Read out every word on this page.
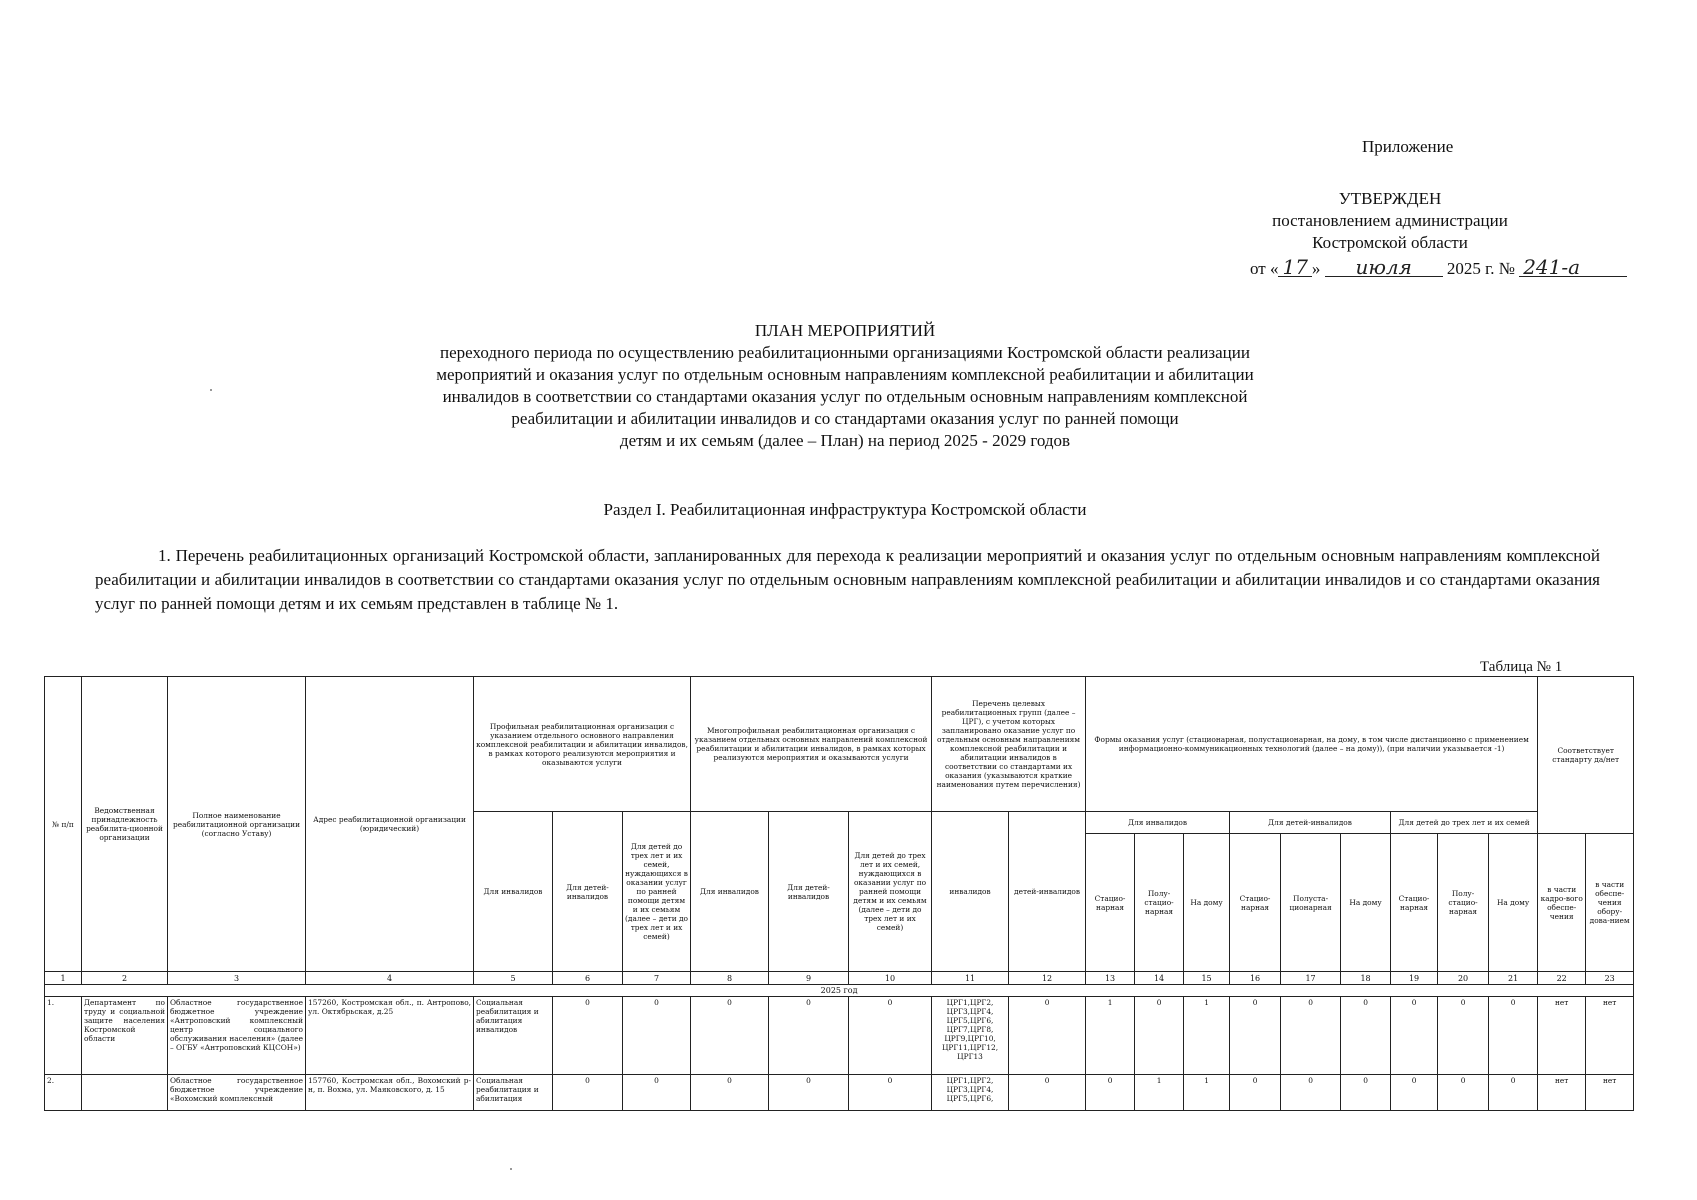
Приложение
УТВЕРЖДЕН
постановлением администрации
Костромской области
от « 17 » июля 2025 г. № 241-а
ПЛАН МЕРОПРИЯТИЙ
переходного периода по осуществлению реабилитационными организациями Костромской области реализации
мероприятий и оказания услуг по отдельным основным направлениям комплексной реабилитации и абилитации
инвалидов в соответствии со стандартами оказания услуг по отдельным основным направлениям комплексной
реабилитации и абилитации инвалидов и со стандартами оказания услуг по ранней помощи
детям и их семьям (далее – План) на период 2025 - 2029 годов
Раздел I. Реабилитационная инфраструктура Костромской области
1. Перечень реабилитационных организаций Костромской области, запланированных для перехода к реализации мероприятий и оказания услуг по отдельным основным направлениям комплексной реабилитации и абилитации инвалидов в соответствии со стандартами оказания услуг по отдельным основным направлениям комплексной реабилитации и абилитации инвалидов и со стандартами оказания услуг по ранней помощи детям и их семьям представлен в таблице № 1.
Таблица № 1
№ п/п	Ведомственная принадлежность реабилита-ционной организации	Полное наименование реабилитационной организации (согласно Уставу)	Адрес реабилитационной организации (юридический)	Профильная реабилитационная организация с указанием отдельного основного направления комплексной реабилитации и абилитации инвалидов, в рамках которого реализуются мероприятия и оказываются услуги			Многопрофильная реабилитационная организация с указанием отдельных основных направлений комплексной реабилитации и абилитации инвалидов, в рамках которых реализуются мероприятия и оказываются услуги			Перечень целевых реабилитационных групп (далее – ЦРГ), с учетом которых запланировано оказание услуг по отдельным основным направлениям комплексной реабилитации и абилитации инвалидов в соответствии со стандартами их оказания (указываются краткие наименования путем перечисления)		Формы оказания услуг (стационарная, полустационарная, на дому, в том числе дистанционно с применением информационно-коммуникационных технологий (далее – на дому)), (при наличии указывается -1)									Соответствует стандарту да/нет	
				Для инвалидов	Для детей-инвалидов	Для детей до трех лет и их семей, нуждающихся в оказании услуг по ранней помощи детям и их семьям (далее – дети до трех лет и их семей)	Для инвалидов	Для детей-инвалидов	Для детей до трех лет и их семей, нуждающихся в оказании услуг по ранней помощи детям и их семьям (далее – дети до трех лет и их семей)	инвалидов	детей-инвалидов	Для инвалидов			Для детей-инвалидов			Для детей до трех лет и их семей				
												Стацио-нарная	Полу-стацио-нарная	На дому	Стацио-нарная	Полуста-ционарная	На дому	Стацио-нарная	Полу-стацио-нарная	На дому	в части кадро-вого обеспе-чения	в части обеспе-чения обору-дова-нием
1	2	3	4	5	6	7	8	9	10	11	12	13	14	15	16	17	18	19	20	21	22	23
2025 год																						
1.	Департамент по труду и социальной защите населения Костромской области	Областное государственное бюджетное учреждение «Антроповский комплексный центр социального обслуживания населения» (далее – ОГБУ «Антроповский КЦСОН»)	157260, Костромская обл., п. Антропово, ул. Октябрьская, д.25	Социальная реабилитация и абилитация инвалидов	0	0	0	0	0	ЦРГ1,ЦРГ2, ЦРГ3,ЦРГ4, ЦРГ5,ЦРГ6, ЦРГ7,ЦРГ8, ЦРГ9,ЦРГ10, ЦРГ11,ЦРГ12, ЦРГ13	0	1	0	1	0	0	0	0	0	0	нет	нет
2.		Областное государственное бюджетное учреждение «Вохомский комплексный	157760, Костромская обл., Вохомский р-н, п. Вохма, ул. Маяковского, д. 15	Социальная реабилитация и абилитация	0	0	0	0	0	ЦРГ1,ЦРГ2, ЦРГ3,ЦРГ4, ЦРГ5,ЦРГ6,	0	0	1	1	0	0	0	0	0	0	нет	нет
